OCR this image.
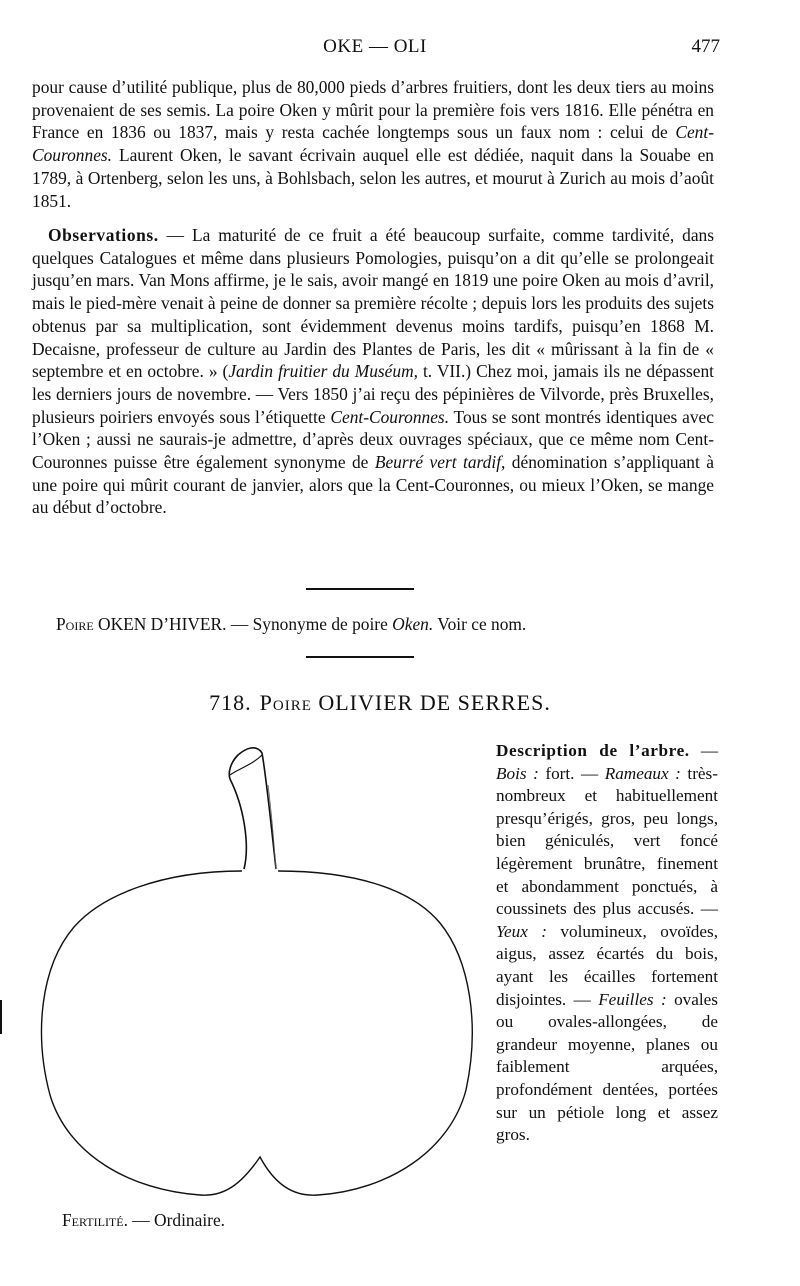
OKE — OLI	477

pour cause d’utilité publique, plus de 80,000 pieds d’arbres fruitiers, dont les deux tiers au moins provenaient de ses semis. La poire Oken y mûrit pour la première fois vers 1816. Elle pénétra en France en 1836 ou 1837, mais y resta cachée longtemps sous un faux nom : celui de Cent-Couronnes. Laurent Oken, le savant écrivain auquel elle est dédiée, naquit dans la Souabe en 1789, à Ortenberg, selon les uns, à Bohlsbach, selon les autres, et mourut à Zurich au mois d’août 1851.

Observations. — La maturité de ce fruit a été beaucoup surfaite, comme tardivité, dans quelques Catalogues et même dans plusieurs Pomologies, puisqu’on a dit qu’elle se prolongeait jusqu’en mars. Van Mons affirme, je le sais, avoir mangé en 1819 une poire Oken au mois d’avril, mais le pied-mère venait à peine de donner sa première récolte ; depuis lors les produits des sujets obtenus par sa multiplication, sont évidemment devenus moins tardifs, puisqu’en 1868 M. Decaisne, professeur de culture au Jardin des Plantes de Paris, les dit « mûrissant à la fin de « septembre et en octobre. » (Jardin fruitier du Muséum, t. VII.) Chez moi, jamais ils ne dépassent les derniers jours de novembre. — Vers 1850 j’ai reçu des pépinières de Vilvorde, près Bruxelles, plusieurs poiriers envoyés sous l’étiquette Cent-Couronnes. Tous se sont montrés identiques avec l’Oken ; aussi ne saurais-je admettre, d’après deux ouvrages spéciaux, que ce même nom Cent-Couronnes puisse être également synonyme de Beurré vert tardif, dénomination s’appliquant à une poire qui mûrit courant de janvier, alors que la Cent-Couronnes, ou mieux l’Oken, se mange au début d’octobre.

Poire OKEN D’HIVER. — Synonyme de poire Oken. Voir ce nom.
718. Poire OLIVIER DE SERRES.

Description de l’arbre. — Bois : fort. — Rameaux : très-nombreux et habituellement presqu’érigés, gros, peu longs, bien géniculés, vert foncé légèrement brunâtre, finement et abondamment ponctués, à coussinets des plus accusés. — Yeux : volumineux, ovoïdes, aigus, assez écartés du bois, ayant les écailles fortement disjointes. — Feuilles : ovales ou ovales-allongées, de grandeur moyenne, planes ou faiblement arquées, profondément dentées, portées sur un pétiole long et assez gros.

Fertilité. — Ordinaire.
